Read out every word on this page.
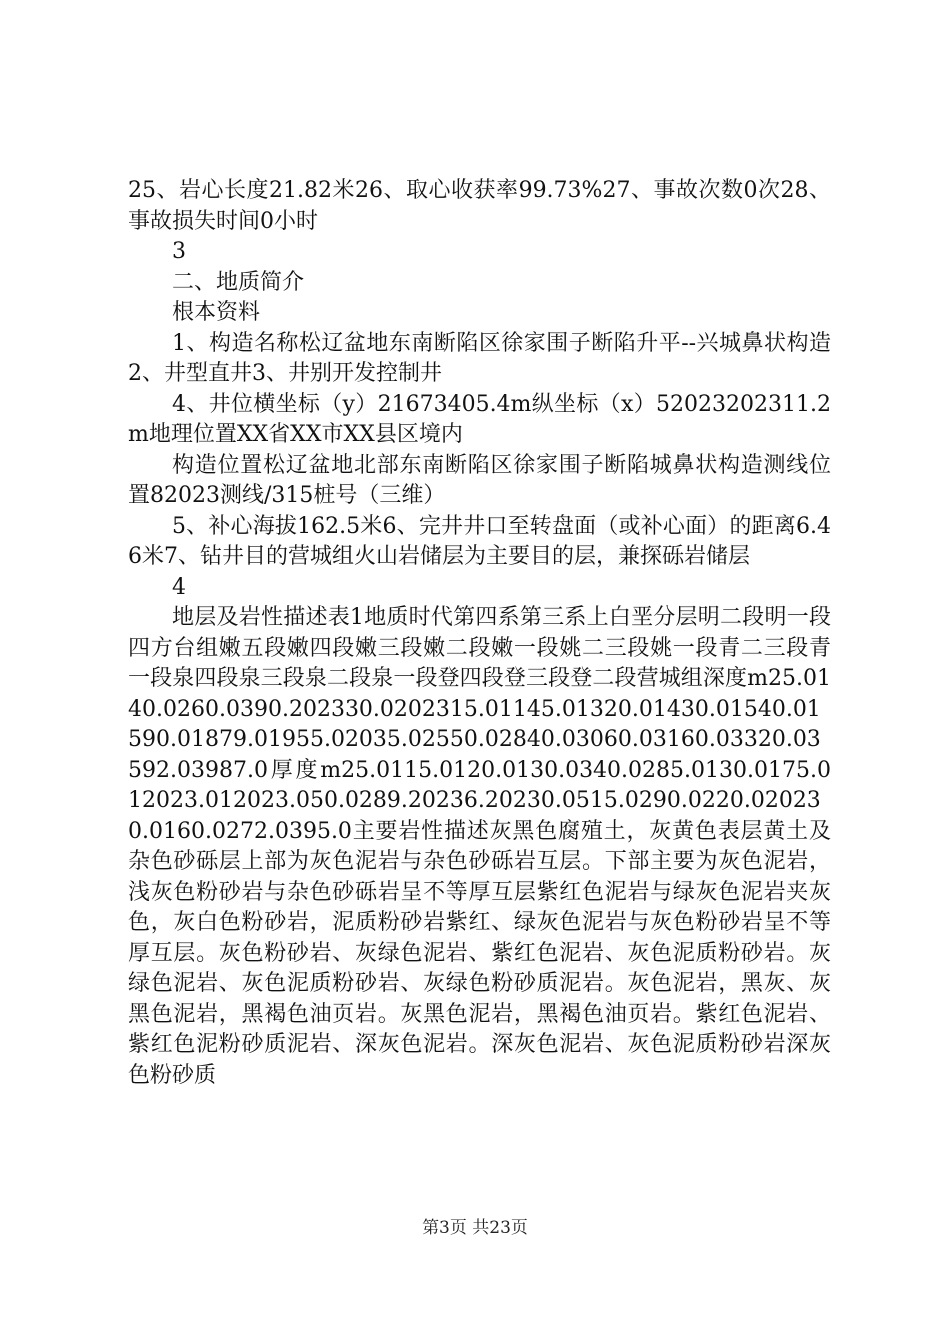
25、岩心长度21.82米26、取心收获率99.73%27、事故次数0次28、事故损失时间0小时

3

二、地质简介

根本资料

1、构造名称松辽盆地东南断陷区徐家围子断陷升平--兴城鼻状构造2、井型直井3、井别开发控制井

4、井位横坐标（y）21673405.4m纵坐标（x）52023202311.2m地理位置XX省XX市XX县区境内

构造位置松辽盆地北部东南断陷区徐家围子断陷城鼻状构造测线位置82023测线/315桩号（三维）

5、补心海拔162.5米6、完井井口至转盘面（或补心面）的距离6.46米7、钻井目的营城组火山岩储层为主要目的层，兼探砾岩储层

4

地层及岩性描述表1地质时代第四系第三系上白垩分层明二段明一段四方台组嫩五段嫩四段嫩三段嫩二段嫩一段姚二三段姚一段青二三段青一段泉四段泉三段泉二段泉一段登四段登三段登二段营城组深度m25.0140.0260.0390.202330.0202315.01145.01320.01430.01540.01590.01879.01955.02035.02550.02840.03060.03160.03320.03592.03987.0厚度m25.0115.0120.0130.0340.0285.0130.0175.012023.012023.050.0289.20236.20230.0515.0290.0220.020230.0160.0272.0395.0主要岩性描述灰黑色腐殖土，灰黄色表层黄土及杂色砂砾层上部为灰色泥岩与杂色砂砾岩互层。下部主要为灰色泥岩，浅灰色粉砂岩与杂色砂砾岩呈不等厚互层紫红色泥岩与绿灰色泥岩夹灰色，灰白色粉砂岩，泥质粉砂岩紫红、绿灰色泥岩与灰色粉砂岩呈不等厚互层。灰色粉砂岩、灰绿色泥岩、紫红色泥岩、灰色泥质粉砂岩。灰绿色泥岩、灰色泥质粉砂岩、灰绿色粉砂质泥岩。灰色泥岩，黑灰、灰黑色泥岩，黑褐色油页岩。灰黑色泥岩，黑褐色油页岩。紫红色泥岩、紫红色泥粉砂质泥岩、深灰色泥岩。深灰色泥岩、灰色泥质粉砂岩深灰色粉砂质

第3页 共23页
